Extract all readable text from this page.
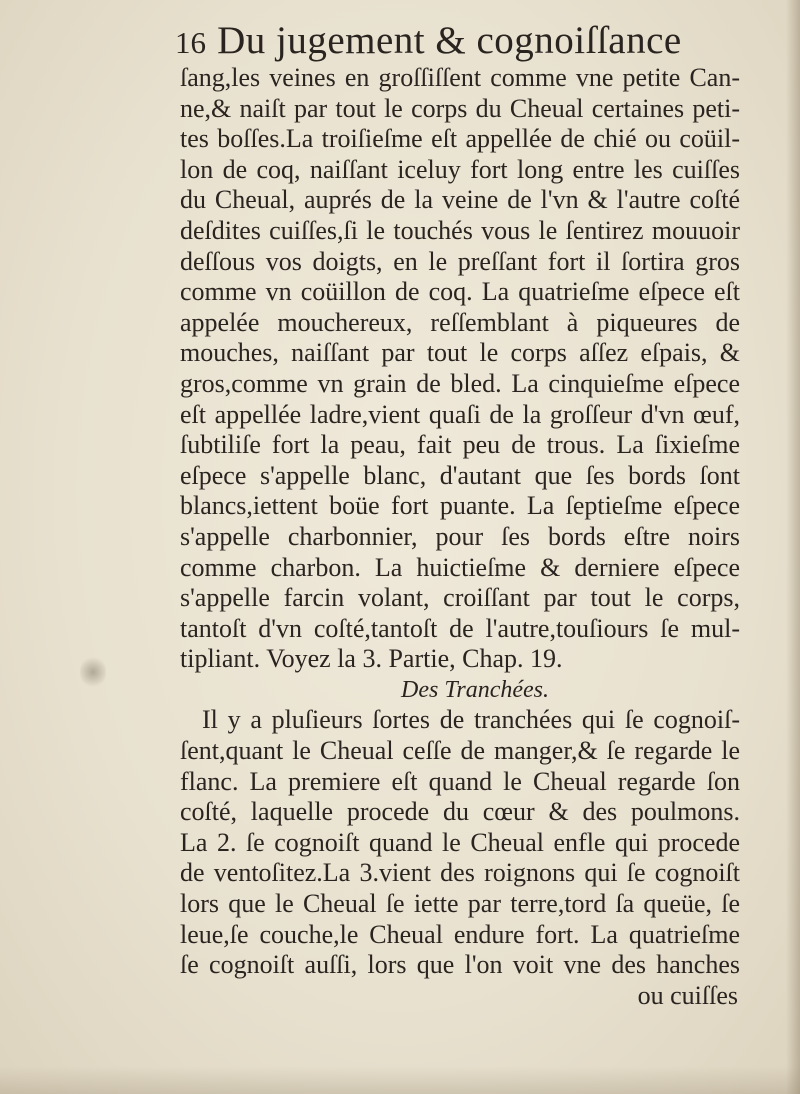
16 Du jugement & cognoiſſance
ſang,les veines en groſſiſſent comme vne petite Can-
ne,& naiſt par tout le corps du Cheual certaines peti-
tes boſſes.La troiſieſme eſt appellée de chié ou coüil-
lon de coq, naiſſant iceluy fort long entre les cuiſſes
du Cheual, auprés de la veine de l'vn & l'autre coſté
deſdites cuiſſes,ſi le touchés vous le ſentirez mouuoir
deſſous vos doigts, en le preſſant fort il ſortira gros
comme vn coüillon de coq. La quatrieſme eſpece eſt
appelée mouchereux, reſſemblant à piqueures de
mouches, naiſſant par tout le corps aſſez eſpais, &
gros,comme vn grain de bled. La cinquieſme eſpece
eſt appellée ladre,vient quaſi de la groſſeur d'vn œuf,
ſubtiliſe fort la peau, fait peu de trous. La ſixieſme
eſpece s'appelle blanc, d'autant que ſes bords ſont
blancs,iettent boüe fort puante. La ſeptieſme eſpece
s'appelle charbonnier, pour ſes bords eſtre noirs
comme charbon. La huictieſme & derniere eſpece
s'appelle farcin volant, croiſſant par tout le corps,
tantoſt d'vn coſté,tantoſt de l'autre,touſiours ſe mul-
tipliant. Voyez la 3. Partie, Chap. 19.
Des Tranchées.
Il y a pluſieurs ſortes de tranchées qui ſe cognoiſ-
ſent,quant le Cheual ceſſe de manger,& ſe regarde le
flanc. La premiere eſt quand le Cheual regarde ſon
coſté, laquelle procede du cœur & des poulmons.
La 2. ſe cognoiſt quand le Cheual enfle qui procede
de ventoſitez.La 3.vient des roignons qui ſe cognoiſt
lors que le Cheual ſe iette par terre,tord ſa queüe, ſe
leue,ſe couche,le Cheual endure fort. La quatrieſme
ſe cognoiſt auſſi, lors que l'on voit vne des hanches
ou cuiſſes
